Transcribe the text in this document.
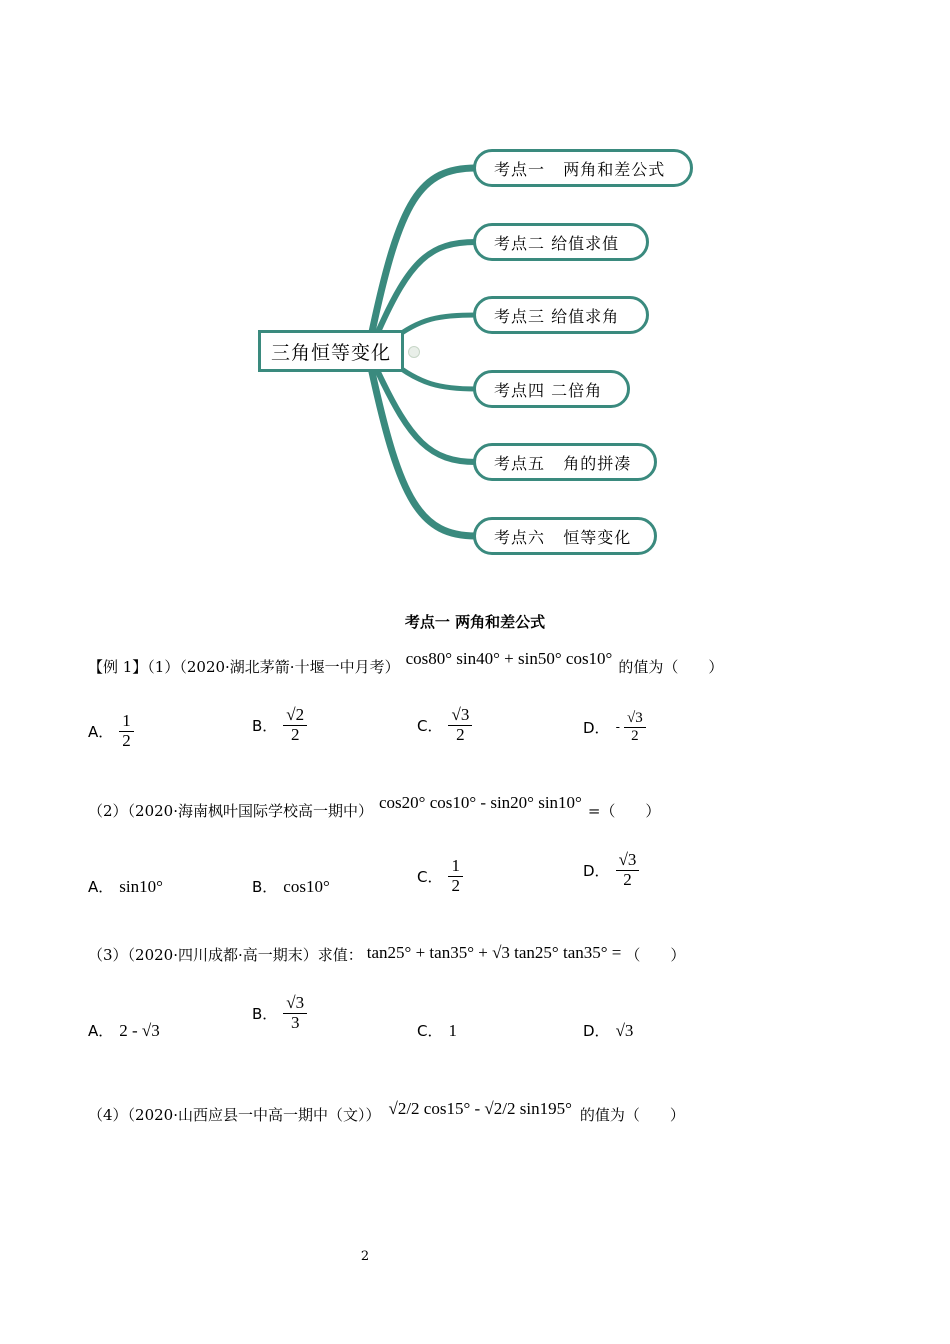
三角恒等变化
考点一   两角和差公式
考点二 给值求值
考点三 给值求角
考点四 二倍角
考点五   角的拼凑
考点六   恒等变化
考点一 两角和差公式
【例 1】（1）（2020·湖北茅箭·十堰一中月考） cos80° sin40° + sin50° cos10° 的值为（　　）
A． $\frac{1}{2}$	B． $\frac{√2}{2}$	C． $\frac{√3}{2}$	D． - $\frac{√3}{2}$
（2）（2020·海南枫叶国际学校高一期中） cos20° cos10° - sin20° sin10° =（　　）
A． sin10°	B． cos10°	C． $\frac{1}{2}$	D． $\frac{√3}{2}$
（3）（2020·四川成都·高一期末）求值： tan25° + tan35° + √3 tan25° tan35° = （　　）
A． 2 - √3
B． $\frac{√3}{3}$	C． 1	D． √3
（4）（2020·山西应县一中高一期中（文）） √2/2 cos15° - √2/2 sin195° 的值为（　　）
2
